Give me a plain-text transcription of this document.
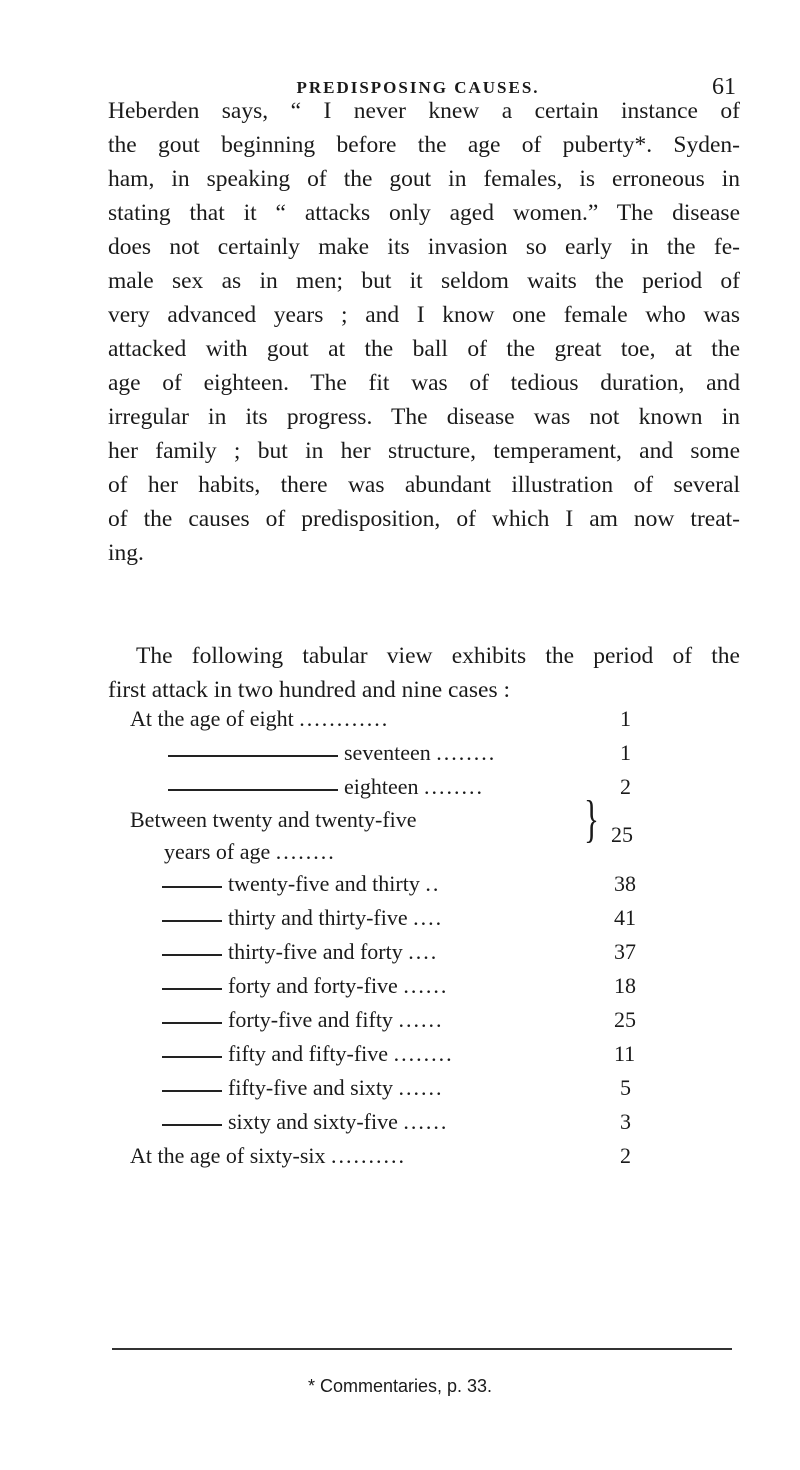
PREDISPOSING CAUSES.	61

Heberden says, “ I never knew a certain instance of
the gout beginning before the age of puberty*. Syden-
ham, in speaking of the gout in females, is erroneous in
stating that it “ attacks only aged women.” The disease
does not certainly make its invasion so early in the fe-
male sex as in men; but it seldom waits the period of
very advanced years ; and I know one female who was
attacked with gout at the ball of the great toe, at the
age of eighteen. The fit was of tedious duration, and
irregular in its progress. The disease was not known in
her family ; but in her structure, temperament, and some
of her habits, there was abundant illustration of several
of the causes of predisposition, of which I am now treat-
ing.

The following tabular view exhibits the period of the
first attack in two hundred and nine cases :

At the age of eight ............	1
seventeen ........	1
eighteen ........	2
Between twenty and twenty-five	} 25
years of age ........
twenty-five and thirty ..	38
thirty and thirty-five ....	41
thirty-five and forty ....	37
forty and forty-five ......	18
forty-five and fifty ......	25
fifty and fifty-five ........	11
fifty-five and sixty ......	5
sixty and sixty-five ......	3
At the age of sixty-six ..........	2
* Commentaries, p. 33.
